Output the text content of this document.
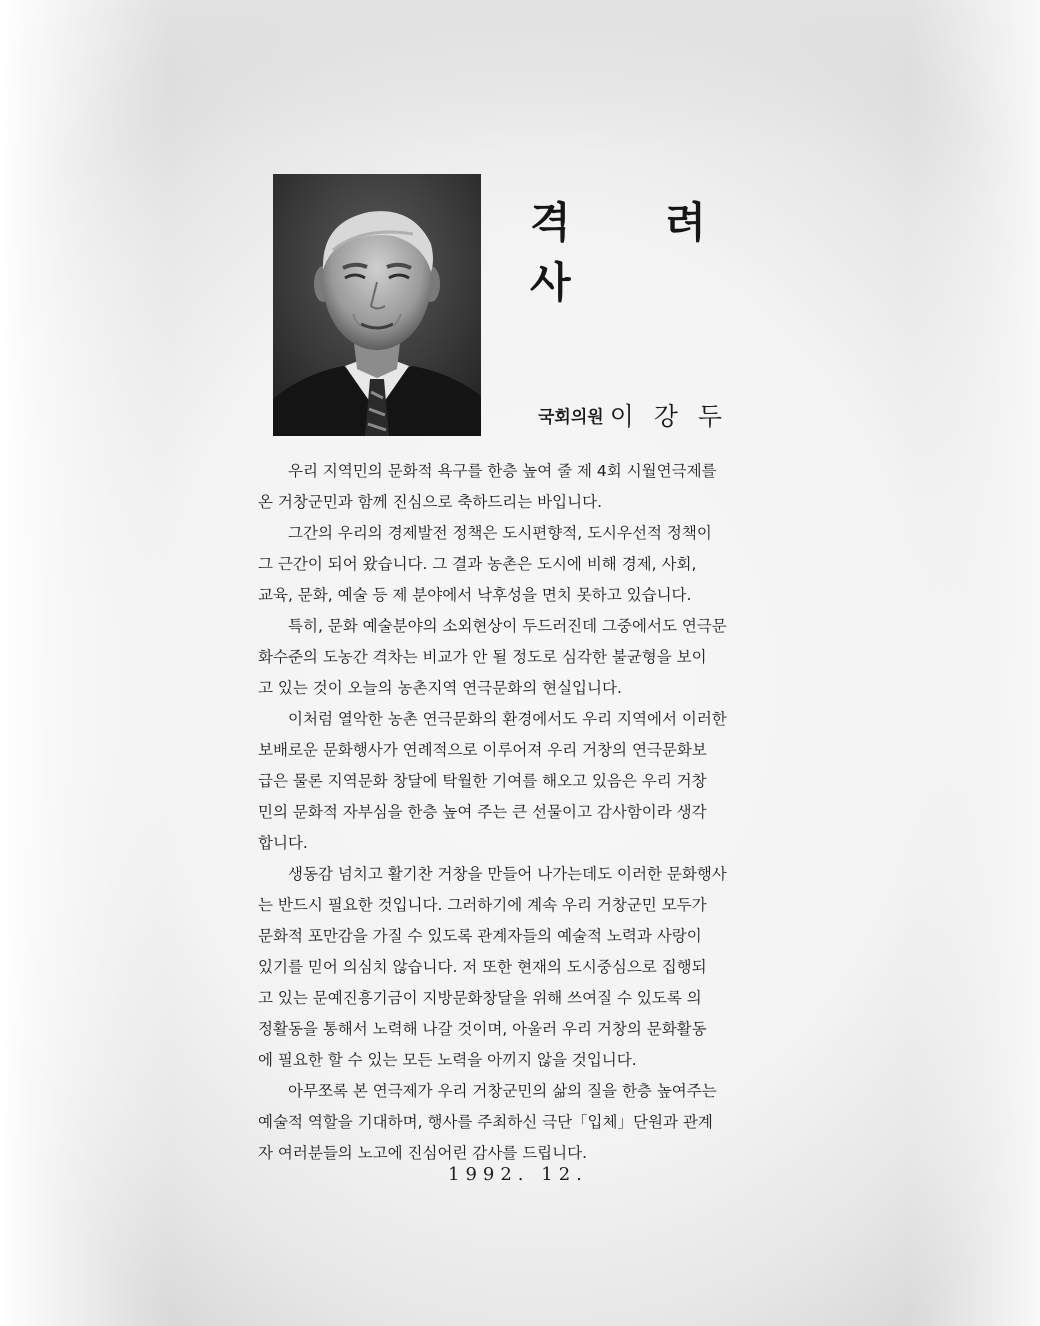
격 려 사
국회의원 이 강 두
우리 지역민의 문화적 욕구를 한층 높여 줄 제 4회 시월연극제를
온 거창군민과 함께 진심으로 축하드리는 바입니다.
그간의 우리의 경제발전 정책은 도시편향적, 도시우선적 정책이
그 근간이 되어 왔습니다. 그 결과 농촌은 도시에 비해 경제, 사회,
교육, 문화, 예술 등 제 분야에서 낙후성을 면치 못하고 있습니다.
특히, 문화 예술분야의 소외현상이 두드러진데 그중에서도 연극문
화수준의 도농간 격차는 비교가 안 될 정도로 심각한 불균형을 보이
고 있는 것이 오늘의 농촌지역 연극문화의 현실입니다.
이처럼 열악한 농촌 연극문화의 환경에서도 우리 지역에서 이러한
보배로운 문화행사가 연례적으로 이루어져 우리 거창의 연극문화보
급은 물론 지역문화 창달에 탁월한 기여를 해오고 있음은 우리 거창
민의 문화적 자부심을 한층 높여 주는 큰 선물이고 감사함이라 생각
합니다.
생동감 넘치고 활기찬 거창을 만들어 나가는데도 이러한 문화행사
는 반드시 필요한 것입니다. 그러하기에 계속 우리 거창군민 모두가
문화적 포만감을 가질 수 있도록 관계자들의 예술적 노력과 사랑이
있기를 믿어 의심치 않습니다. 저 또한 현재의 도시중심으로 집행되
고 있는 문예진흥기금이 지방문화창달을 위해 쓰여질 수 있도록 의
정활동을 통해서 노력해 나갈 것이며, 아울러 우리 거창의 문화활동
에 필요한 할 수 있는 모든 노력을 아끼지 않을 것입니다.
아무쪼록 본 연극제가 우리 거창군민의 삶의 질을 한층 높여주는
예술적 역할을 기대하며, 행사를 주최하신 극단「입체」단원과 관계
자 여러분들의 노고에 진심어린 감사를 드립니다.
1992. 12.
